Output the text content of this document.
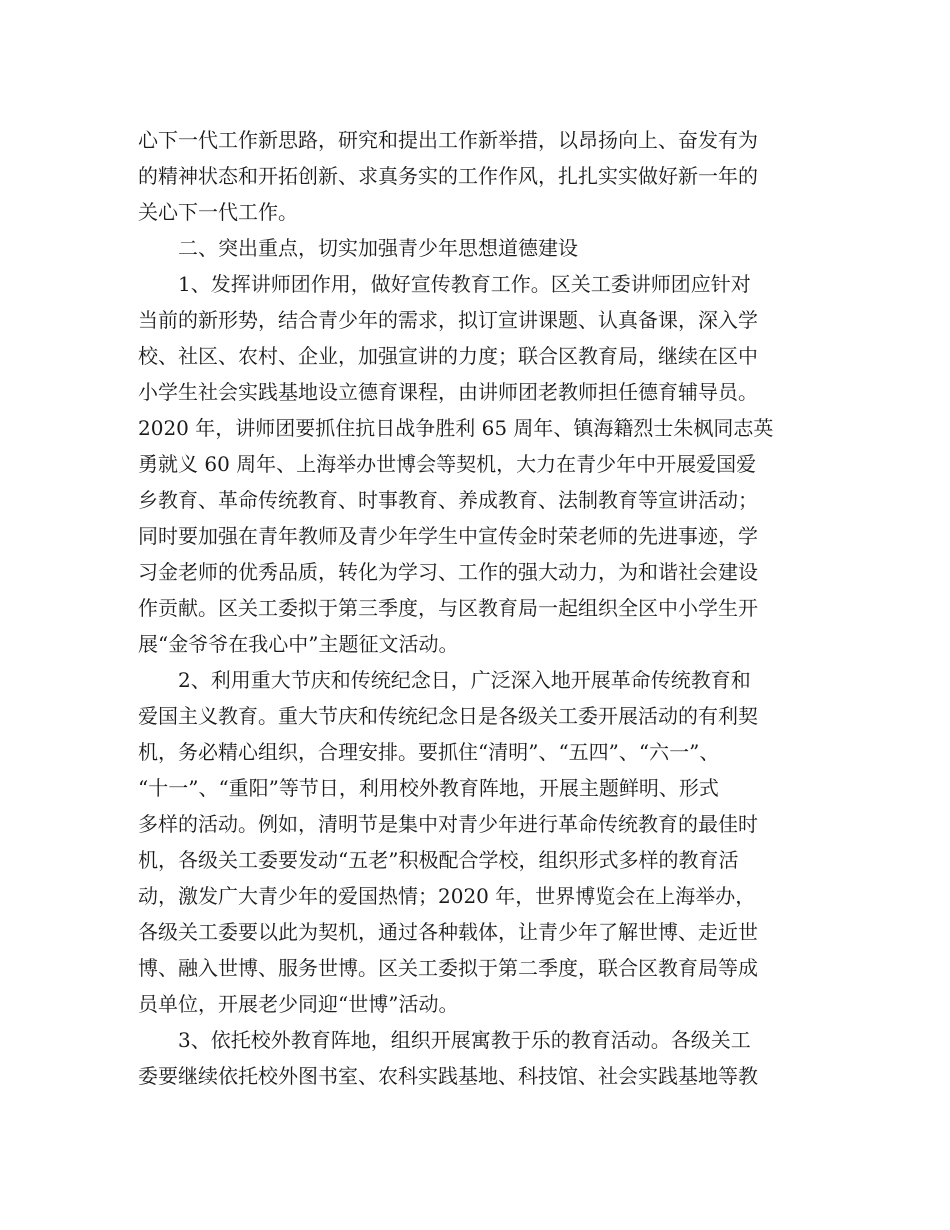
心下一代工作新思路，研究和提出工作新举措，以昂扬向上、奋发有为
的精神状态和开拓创新、求真务实的工作作风，扎扎实实做好新一年的
关心下一代工作。
二、突出重点，切实加强青少年思想道德建设
1、发挥讲师团作用，做好宣传教育工作。区关工委讲师团应针对
当前的新形势，结合青少年的需求，拟订宣讲课题、认真备课，深入学
校、社区、农村、企业，加强宣讲的力度；联合区教育局，继续在区中
小学生社会实践基地设立德育课程，由讲师团老教师担任德育辅导员。
2020 年，讲师团要抓住抗日战争胜利 65 周年、镇海籍烈士朱枫同志英
勇就义 60 周年、上海举办世博会等契机，大力在青少年中开展爱国爱
乡教育、革命传统教育、时事教育、养成教育、法制教育等宣讲活动；
同时要加强在青年教师及青少年学生中宣传金时荣老师的先进事迹，学
习金老师的优秀品质，转化为学习、工作的强大动力，为和谐社会建设
作贡献。区关工委拟于第三季度，与区教育局一起组织全区中小学生开
展“金爷爷在我心中”主题征文活动。
2、利用重大节庆和传统纪念日，广泛深入地开展革命传统教育和
爱国主义教育。重大节庆和传统纪念日是各级关工委开展活动的有利契
机，务必精心组织，合理安排。要抓住“清明”、“五四”、“六一”、
“十一”、“重阳”等节日，利用校外教育阵地，开展主题鲜明、形式
多样的活动。例如，清明节是集中对青少年进行革命传统教育的最佳时
机，各级关工委要发动“五老”积极配合学校，组织形式多样的教育活
动，激发广大青少年的爱国热情；2020 年，世界博览会在上海举办，
各级关工委要以此为契机，通过各种载体，让青少年了解世博、走近世
博、融入世博、服务世博。区关工委拟于第二季度，联合区教育局等成
员单位，开展老少同迎“世博”活动。
3、依托校外教育阵地，组织开展寓教于乐的教育活动。各级关工
委要继续依托校外图书室、农科实践基地、科技馆、社会实践基地等教
